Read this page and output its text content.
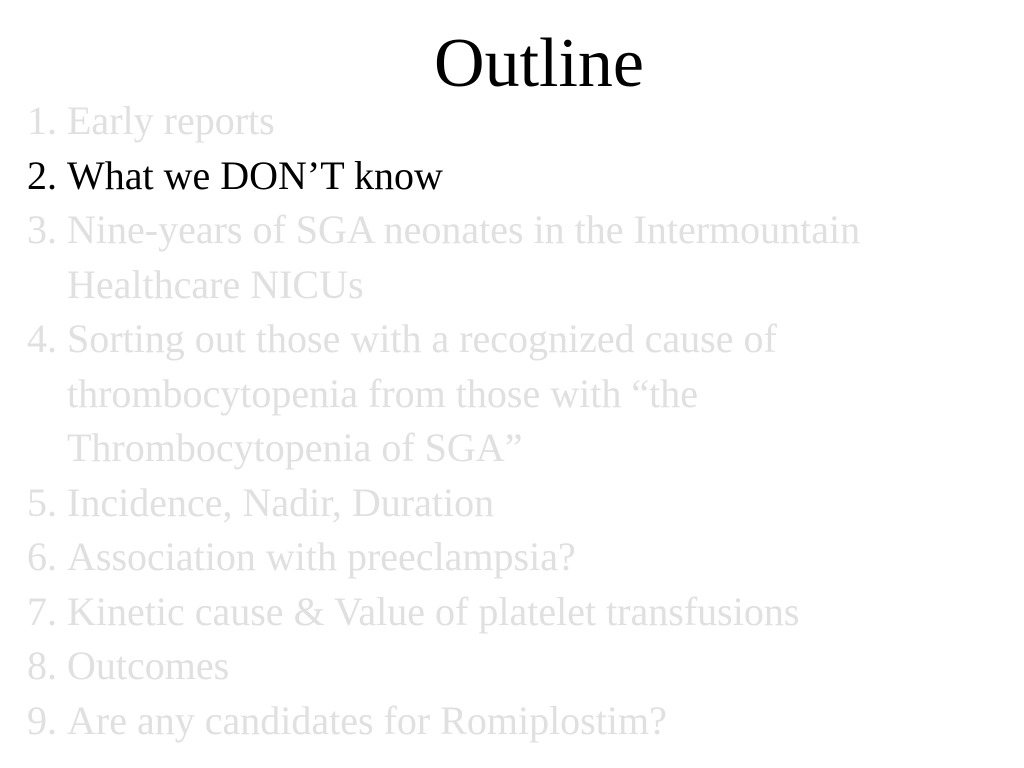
Outline
1. Early reports
2. What we DON’T know
3. Nine-years of SGA neonates in the Intermountain Healthcare NICUs
4. Sorting out those with a recognized cause of thrombocytopenia from those with “the Thrombocytopenia of SGA”
5. Incidence, Nadir, Duration
6. Association with preeclampsia?
7. Kinetic cause & Value of platelet transfusions
8. Outcomes
9. Are any candidates for Romiplostim?
